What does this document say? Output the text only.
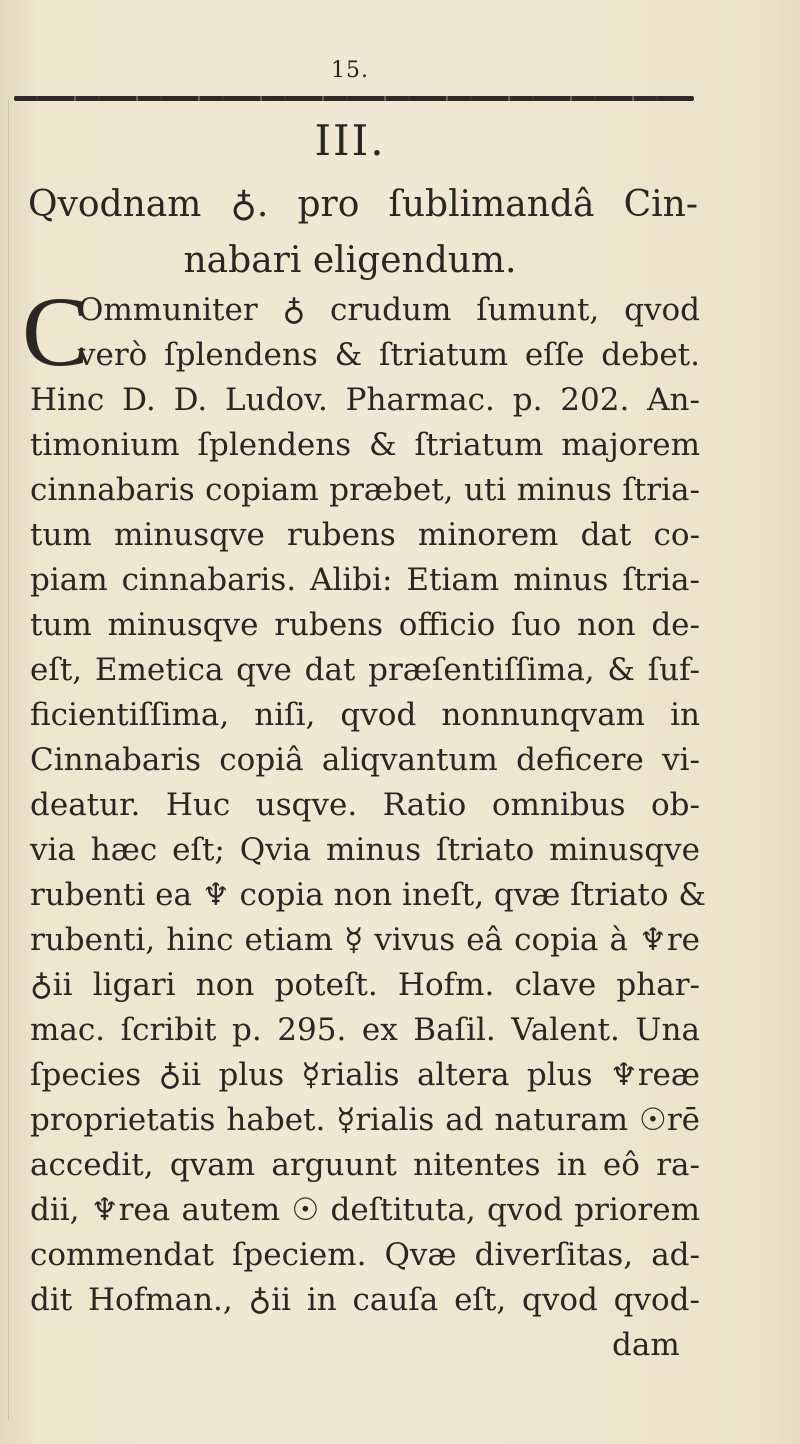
15.
III.
Qvodnam ♁. pro ſublimandâ Cin-
nabari eligendum.
C
Ommuniter ♁ crudum ſumunt, qvod
verò ſplendens & ſtriatum eſſe debet.
Hinc D. D. Ludov. Pharmac. p. 202. An-
timonium ſplendens & ſtriatum majorem
cinnabaris copiam præbet, uti minus ſtria-
tum minusqve rubens minorem dat co-
piam cinnabaris. Alibi: Etiam minus ſtria-
tum minusqve rubens officio ſuo non de-
eſt, Emetica qve dat præſentiſſima, & ſuf-
ficientiſſima, niſi, qvod nonnunqvam in
Cinnabaris copiâ aliqvantum deficere vi-
deatur. Huc usqve. Ratio omnibus ob-
via hæc eſt; Qvia minus ſtriato minusqve
rubenti ea ♆ copia non ineſt, qvæ ſtriato &
rubenti, hinc etiam ☿ vivus eâ copia à ♆re
♁ii ligari non poteſt. Hofm. clave phar-
mac. ſcribit p. 295. ex Baſil. Valent. Una
ſpecies ♁ii plus ☿rialis altera plus ♆reæ
proprietatis habet. ☿rialis ad naturam ☉rē
accedit, qvam arguunt nitentes in eô ra-
dii, ♆rea autem ☉ deſtituta, qvod priorem
commendat ſpeciem. Qvæ diverſitas, ad-
dit Hofman., ♁ii in cauſa eſt, qvod qvod-
dam
